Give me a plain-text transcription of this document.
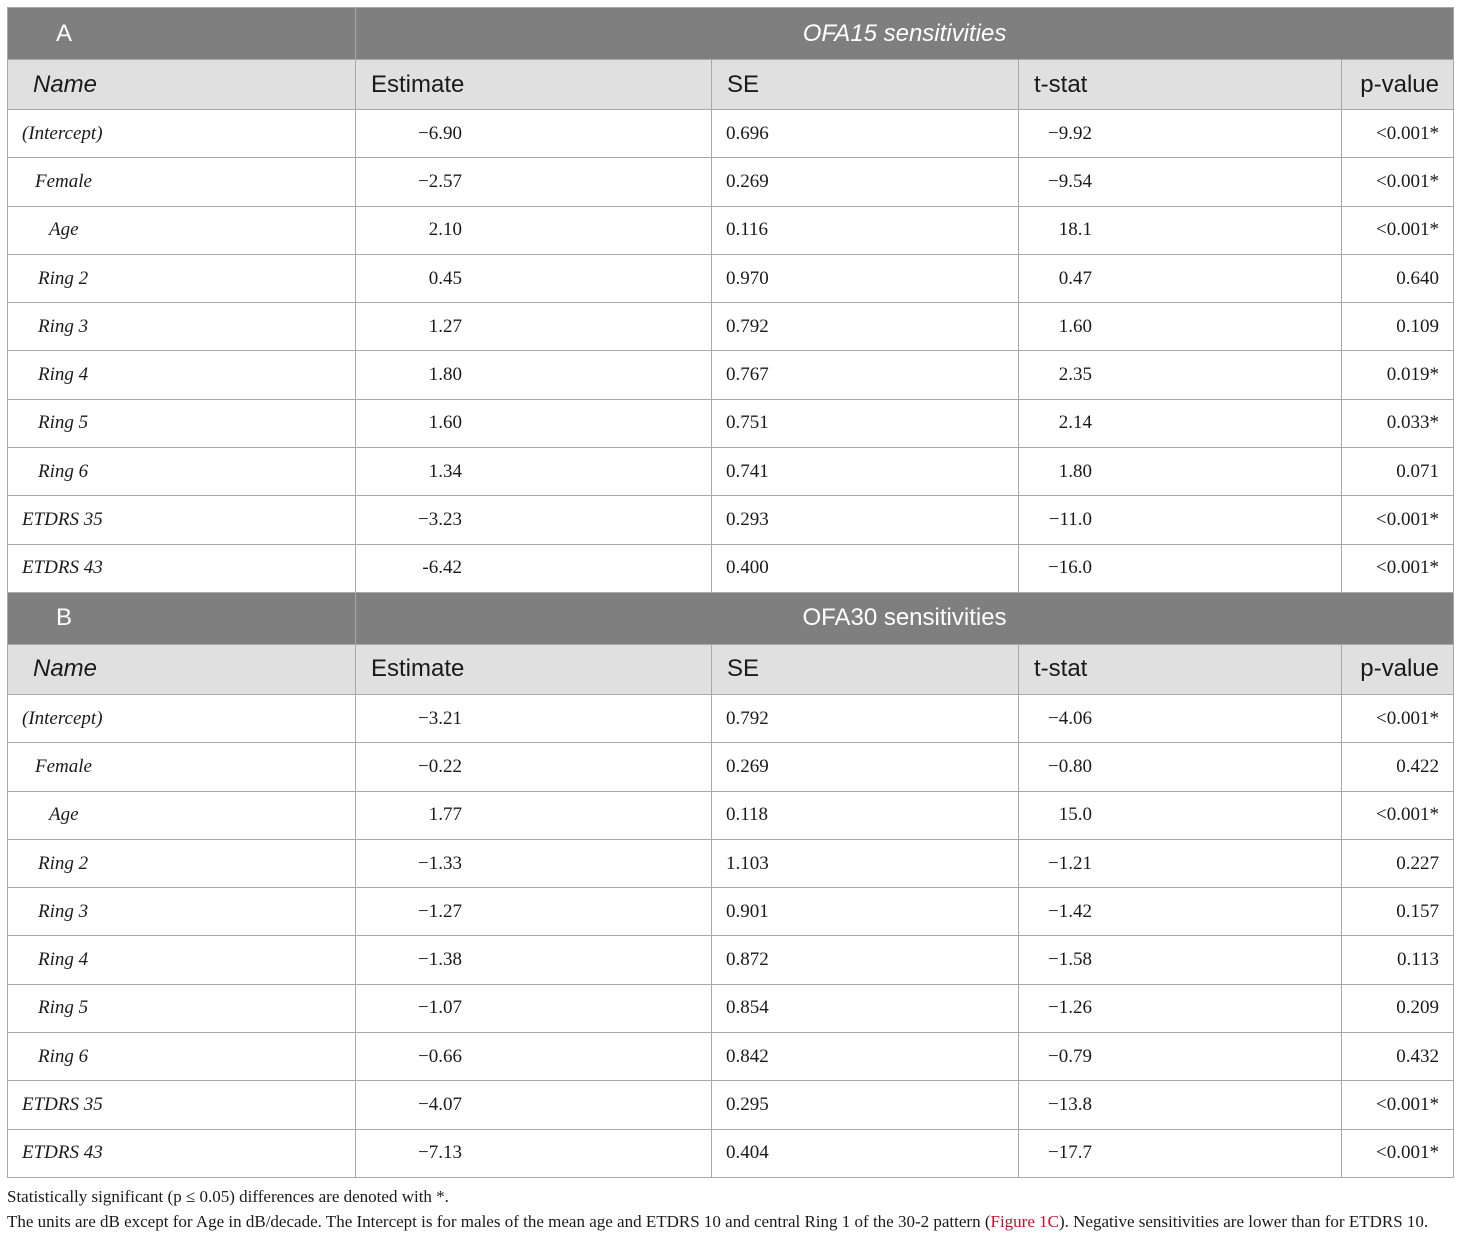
A	OFA15 sensitivities			
Name	Estimate	SE	t-stat	p-value
(Intercept)	−6.90	0.696	−9.92	<0.001*
Female	−2.57	0.269	−9.54	<0.001*
Age	2.10	0.116	18.1	<0.001*
Ring 2	0.45	0.970	0.47	0.640
Ring 3	1.27	0.792	1.60	0.109
Ring 4	1.80	0.767	2.35	0.019*
Ring 5	1.60	0.751	2.14	0.033*
Ring 6	1.34	0.741	1.80	0.071
ETDRS 35	−3.23	0.293	−11.0	<0.001*
ETDRS 43	-6.42	0.400	−16.0	<0.001*
B	OFA30 sensitivities			
Name	Estimate	SE	t-stat	p-value
(Intercept)	−3.21	0.792	−4.06	<0.001*
Female	−0.22	0.269	−0.80	0.422
Age	1.77	0.118	15.0	<0.001*
Ring 2	−1.33	1.103	−1.21	0.227
Ring 3	−1.27	0.901	−1.42	0.157
Ring 4	−1.38	0.872	−1.58	0.113
Ring 5	−1.07	0.854	−1.26	0.209
Ring 6	−0.66	0.842	−0.79	0.432
ETDRS 35	−4.07	0.295	−13.8	<0.001*
ETDRS 43	−7.13	0.404	−17.7	<0.001*

Statistically significant (p ≤ 0.05) differences are denoted with *.

The units are dB except for Age in dB/decade. The Intercept is for males of the mean age and ETDRS 10 and central Ring 1 of the 30-2 pattern (Figure 1C). Negative sensitivities are lower than for ETDRS 10.
